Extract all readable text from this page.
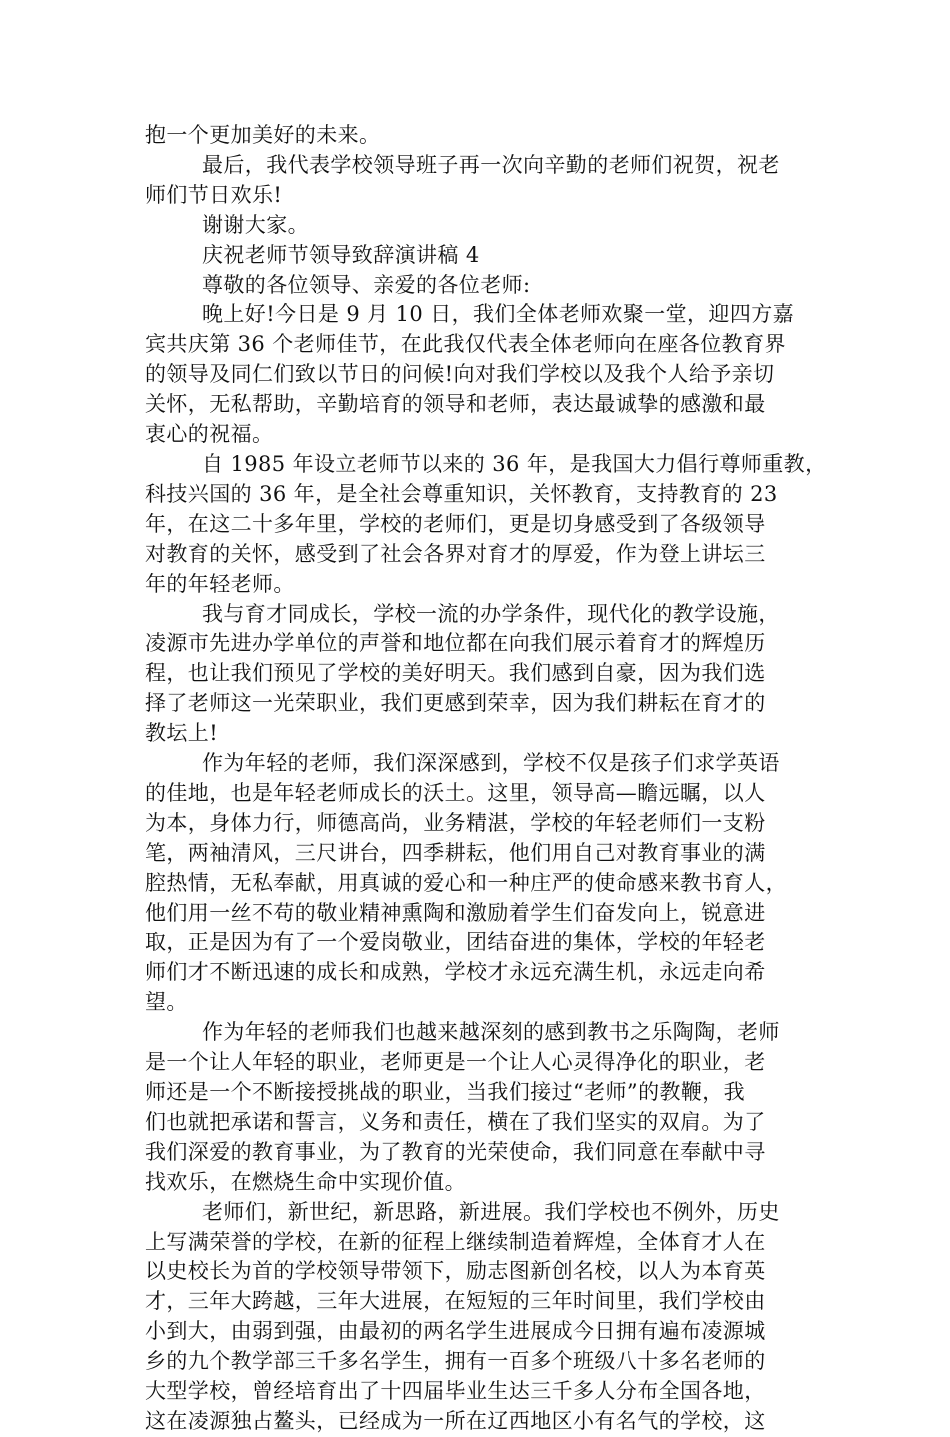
抱一个更加美好的未来。
最后，我代表学校领导班子再一次向辛勤的老师们祝贺，祝老
师们节日欢乐!
谢谢大家。
庆祝老师节领导致辞演讲稿 4
尊敬的各位领导、亲爱的各位老师:
晚上好!今日是 9 月 10 日，我们全体老师欢聚一堂，迎四方嘉
宾共庆第 36 个老师佳节，在此我仅代表全体老师向在座各位教育界
的领导及同仁们致以节日的问候!向对我们学校以及我个人给予亲切
关怀，无私帮助，辛勤培育的领导和老师，表达最诚挚的感激和最
衷心的祝福。
自 1985 年设立老师节以来的 36 年，是我国大力倡行尊师重教，
科技兴国的 36 年，是全社会尊重知识，关怀教育，支持教育的 23
年，在这二十多年里，学校的老师们，更是切身感受到了各级领导
对教育的关怀，感受到了社会各界对育才的厚爱，作为登上讲坛三
年的年轻老师。
我与育才同成长，学校一流的办学条件，现代化的教学设施，
凌源市先进办学单位的声誉和地位都在向我们展示着育才的辉煌历
程，也让我们预见了学校的美好明天。我们感到自豪，因为我们选
择了老师这一光荣职业，我们更感到荣幸，因为我们耕耘在育才的
教坛上!
作为年轻的老师，我们深深感到，学校不仅是孩子们求学英语
的佳地，也是年轻老师成长的沃土。这里，领导高—瞻远瞩，以人
为本，身体力行，师德高尚，业务精湛，学校的年轻老师们一支粉
笔，两袖清风，三尺讲台，四季耕耘，他们用自己对教育事业的满
腔热情，无私奉献，用真诚的爱心和一种庄严的使命感来教书育人，
他们用一丝不苟的敬业精神熏陶和激励着学生们奋发向上，锐意进
取，正是因为有了一个爱岗敬业，团结奋进的集体，学校的年轻老
师们才不断迅速的成长和成熟，学校才永远充满生机，永远走向希
望。
作为年轻的老师我们也越来越深刻的感到教书之乐陶陶，老师
是一个让人年轻的职业，老师更是一个让人心灵得净化的职业，老
师还是一个不断接授挑战的职业，当我们接过“老师”的教鞭，我
们也就把承诺和誓言，义务和责任，横在了我们坚实的双肩。为了
我们深爱的教育事业，为了教育的光荣使命，我们同意在奉献中寻
找欢乐，在燃烧生命中实现价值。
老师们，新世纪，新思路，新进展。我们学校也不例外，历史
上写满荣誉的学校，在新的征程上继续制造着辉煌，全体育才人在
以史校长为首的学校领导带领下，励志图新创名校，以人为本育英
才，三年大跨越，三年大进展，在短短的三年时间里，我们学校由
小到大，由弱到强，由最初的两名学生进展成今日拥有遍布凌源城
乡的九个教学部三千多名学生，拥有一百多个班级八十多名老师的
大型学校，曾经培育出了十四届毕业生达三千多人分布全国各地，
这在凌源独占鳌头，已经成为一所在辽西地区小有名气的学校，这
